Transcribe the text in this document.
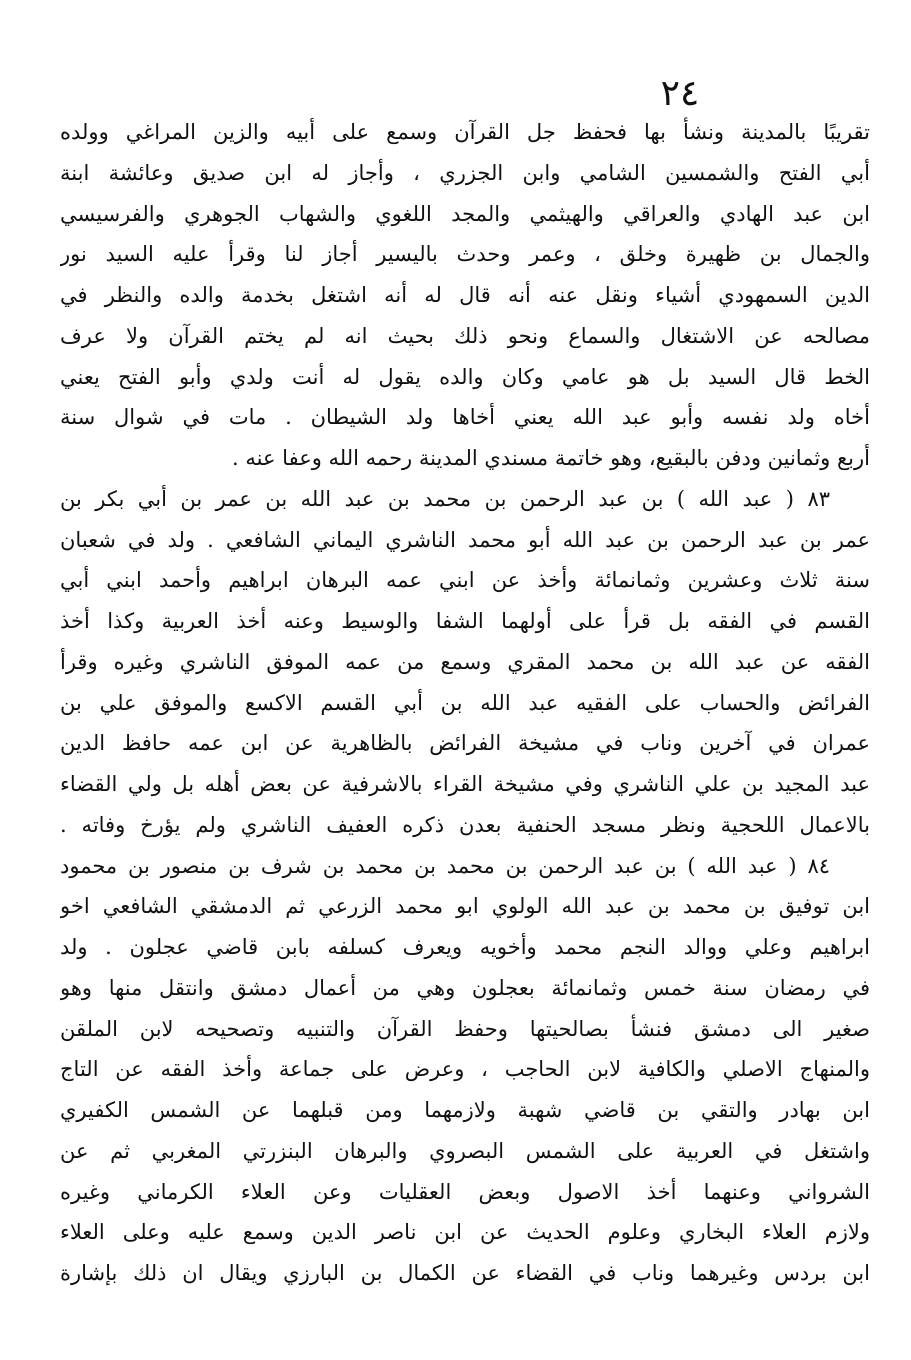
٢٤
تقريبًا بالمدينة ونشأ بها فحفظ جل القرآن وسمع على أبيه والزين المراغي وولده
أبي الفتح والشمسين الشامي وابن الجزري ، وأجاز له ابن صديق وعائشة ابنة
ابن عبد الهادي والعراقي والهيثمي والمجد اللغوي والشهاب الجوهري والفرسيسي
والجمال بن ظهيرة وخلق ، وعمر وحدث باليسير أجاز لنا وقرأ عليه السيد نور
الدين السمهودي أشياء ونقل عنه أنه قال له أنه اشتغل بخدمة والده والنظر في
مصالحه عن الاشتغال والسماع ونحو ذلك بحيث انه لم يختم القرآن ولا عرف
الخط قال السيد بل هو عامي وكان والده يقول له أنت ولدي وأبو الفتح يعني
أخاه ولد نفسه وأبو عبد الله يعني أخاها ولد الشيطان . مات في شوال سنة
أربع وثمانين ودفن بالبقيع، وهو خاتمة مسندي المدينة رحمه الله وعفا عنه .
٨٣ ( عبد الله ) بن عبد الرحمن بن محمد بن عبد الله بن عمر بن أبي بكر بن
عمر بن عبد الرحمن بن عبد الله أبو محمد الناشري اليماني الشافعي . ولد في شعبان
سنة ثلاث وعشرين وثمانمائة وأخذ عن ابني عمه البرهان ابراهيم وأحمد ابني أبي
القسم في الفقه بل قرأ على أولهما الشفا والوسيط وعنه أخذ العربية وكذا أخذ
الفقه عن عبد الله بن محمد المقري وسمع من عمه الموفق الناشري وغيره وقرأ
الفرائض والحساب على الفقيه عبد الله بن أبي القسم الاكسع والموفق علي بن
عمران في آخرين وناب في مشيخة الفرائض بالظاهرية عن ابن عمه حافظ الدين
عبد المجيد بن علي الناشري وفي مشيخة القراء بالاشرفية عن بعض أهله بل ولي القضاء
بالاعمال اللحجية ونظر مسجد الحنفية بعدن ذكره العفيف الناشري ولم يؤرخ وفاته .
٨٤ ( عبد الله ) بن عبد الرحمن بن محمد بن محمد بن شرف بن منصور بن محمود
ابن توفيق بن محمد بن عبد الله الولوي ابو محمد الزرعي ثم الدمشقي الشافعي اخو
ابراهيم وعلي ووالد النجم محمد وأخويه ويعرف كسلفه بابن قاضي عجلون . ولد
في رمضان سنة خمس وثمانمائة بعجلون وهي من أعمال دمشق وانتقل منها وهو
صغير الى دمشق فنشأ بصالحيتها وحفظ القرآن والتنبيه وتصحيحه لابن الملقن
والمنهاج الاصلي والكافية لابن الحاجب ، وعرض على جماعة وأخذ الفقه عن التاج
ابن بهادر والتقي بن قاضي شهبة ولازمهما ومن قبلهما عن الشمس الكفيري
واشتغل في العربية على الشمس البصروي والبرهان البنزرتي المغربي ثم عن
الشرواني وعنهما أخذ الاصول وبعض العقليات وعن العلاء الكرماني وغيره
ولازم العلاء البخاري وعلوم الحديث عن ابن ناصر الدين وسمع عليه وعلى العلاء
ابن بردس وغيرهما وناب في القضاء عن الكمال بن البارزي ويقال ان ذلك بإشارة
